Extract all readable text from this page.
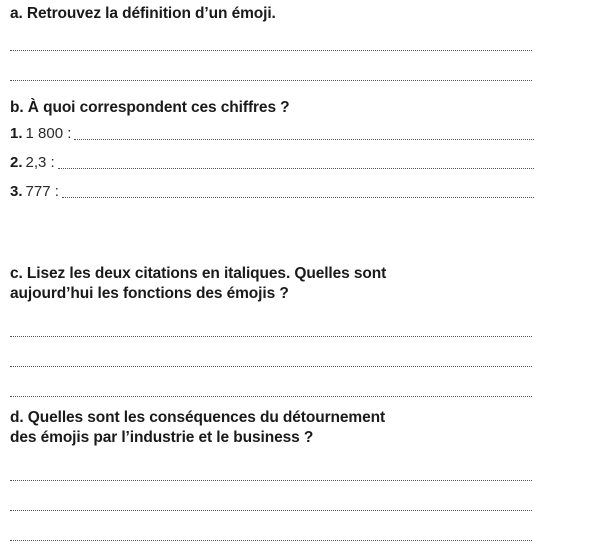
a. Retrouvez la définition d’un émoji.
b. À quoi correspondent ces chiffres ?
1. 1 800 :
2. 2,3 :
3. 777 :
c. Lisez les deux citations en italiques. Quelles sont
aujourd’hui les fonctions des émojis ?
d. Quelles sont les conséquences du détournement
des émojis par l’industrie et le business ?
